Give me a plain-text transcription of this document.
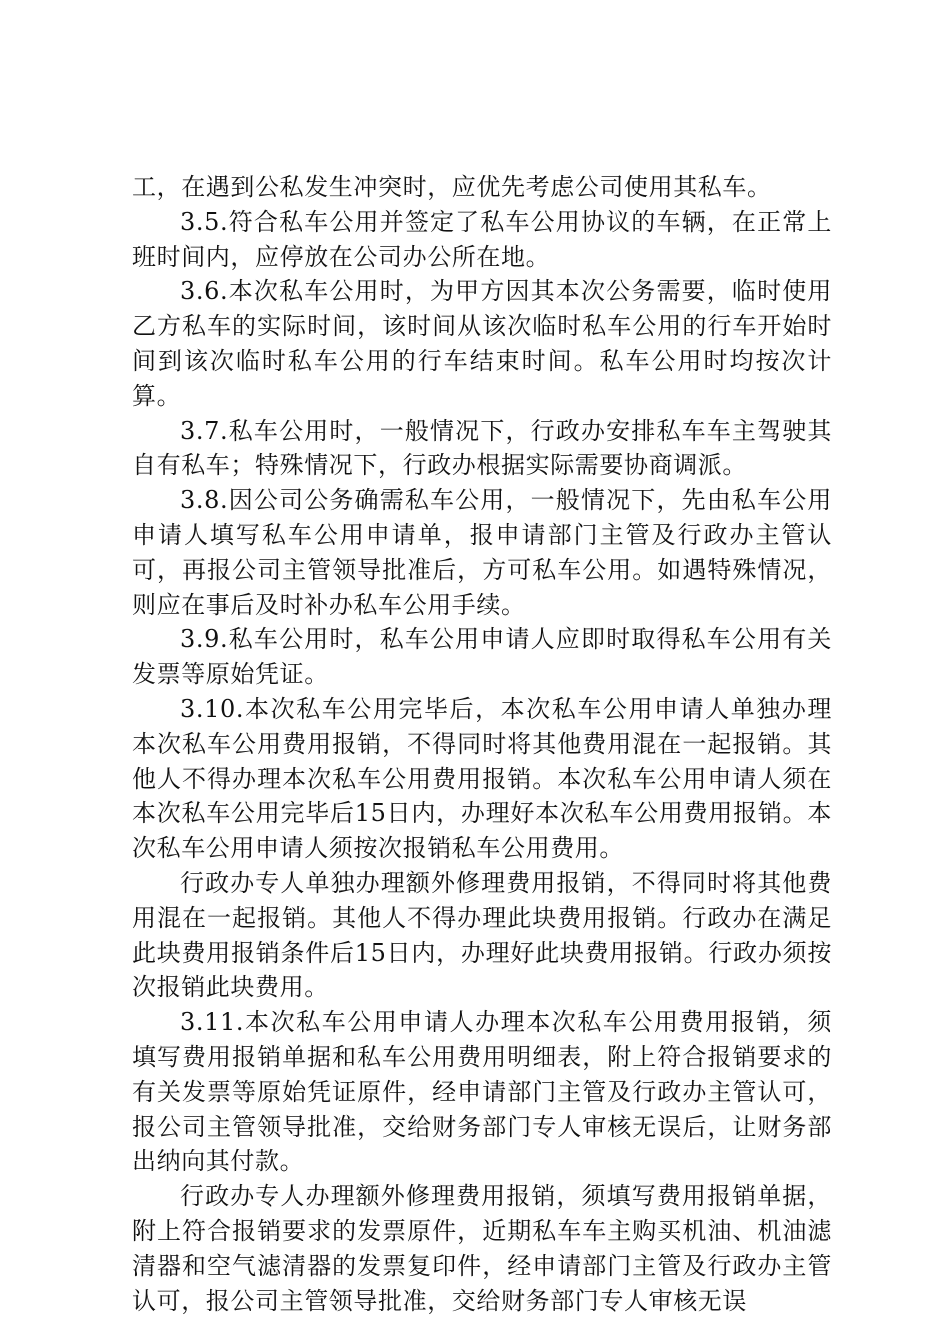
工，在遇到公私发生冲突时，应优先考虑公司使用其私车。

3.5.符合私车公用并签定了私车公用协议的车辆，在正常上班时间内，应停放在公司办公所在地。

3.6.本次私车公用时，为甲方因其本次公务需要，临时使用乙方私车的实际时间，该时间从该次临时私车公用的行车开始时间到该次临时私车公用的行车结束时间。私车公用时均按次计算。

3.7.私车公用时，一般情况下，行政办安排私车车主驾驶其自有私车；特殊情况下，行政办根据实际需要协商调派。

3.8.因公司公务确需私车公用，一般情况下，先由私车公用申请人填写私车公用申请单，报申请部门主管及行政办主管认可，再报公司主管领导批准后，方可私车公用。如遇特殊情况，则应在事后及时补办私车公用手续。

3.9.私车公用时，私车公用申请人应即时取得私车公用有关发票等原始凭证。

3.10.本次私车公用完毕后，本次私车公用申请人单独办理本次私车公用费用报销，不得同时将其他费用混在一起报销。其他人不得办理本次私车公用费用报销。本次私车公用申请人须在本次私车公用完毕后15日内，办理好本次私车公用费用报销。本次私车公用申请人须按次报销私车公用费用。

行政办专人单独办理额外修理费用报销，不得同时将其他费用混在一起报销。其他人不得办理此块费用报销。行政办在满足此块费用报销条件后15日内，办理好此块费用报销。行政办须按次报销此块费用。

3.11.本次私车公用申请人办理本次私车公用费用报销，须填写费用报销单据和私车公用费用明细表，附上符合报销要求的有关发票等原始凭证原件，经申请部门主管及行政办主管认可，报公司主管领导批准，交给财务部门专人审核无误后，让财务部出纳向其付款。

行政办专人办理额外修理费用报销，须填写费用报销单据，附上符合报销要求的发票原件，近期私车车主购买机油、机油滤清器和空气滤清器的发票复印件，经申请部门主管及行政办主管认可，报公司主管领导批准，交给财务部门专人审核无误
